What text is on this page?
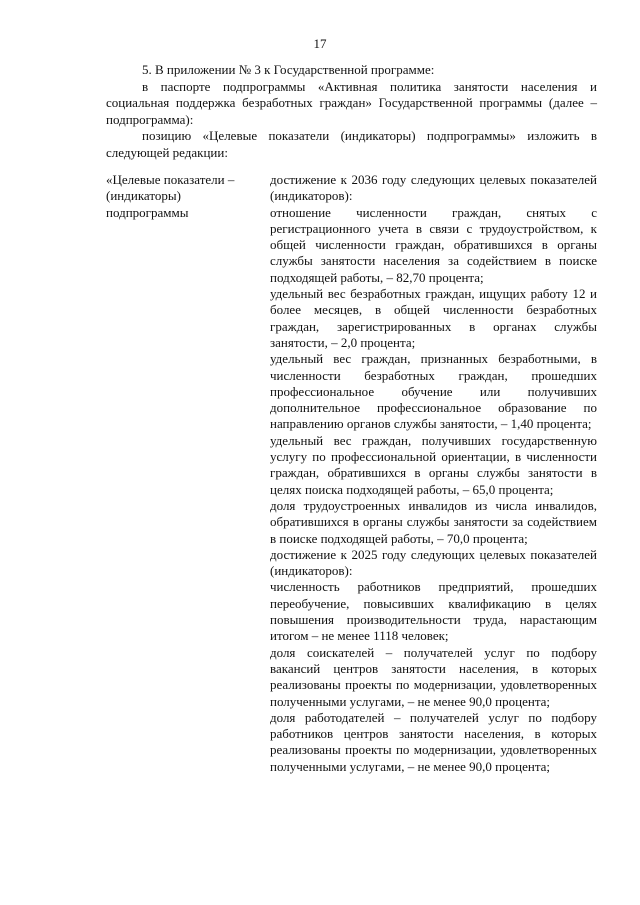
17

5. В приложении № 3 к Государственной программе:

в паспорте подпрограммы «Активная политика занятости населения и социальная поддержка безработных граждан» Государственной программы (далее – подпрограмма):

позицию «Целевые показатели (индикаторы) подпрограммы» изложить в следующей редакции:

«Целевые показатели – (индикаторы) подпрограммы

достижение к 2036 году следующих целевых показателей (индикаторов):

отношение численности граждан, снятых с регистрационного учета в связи с трудоустройством, к общей численности граждан, обратившихся в органы службы занятости населения за содействием в поиске подходящей работы, – 82,70 процента;

удельный вес безработных граждан, ищущих работу 12 и более месяцев, в общей численности безработных граждан, зарегистрированных в органах службы занятости, – 2,0 процента;

удельный вес граждан, признанных безработными, в численности безработных граждан, прошедших профессиональное обучение или получивших дополнительное профессиональное образование по направлению органов службы занятости, – 1,40 процента;

удельный вес граждан, получивших государственную услугу по профессиональной ориентации, в численности граждан, обратившихся в органы службы занятости в целях поиска подходящей работы, – 65,0 процента;

доля трудоустроенных инвалидов из числа инвалидов, обратившихся в органы службы занятости за содействием в поиске подходящей работы, – 70,0 процента;

достижение к 2025 году следующих целевых показателей (индикаторов):

численность работников предприятий, прошедших переобучение, повысивших квалификацию в целях повышения производительности труда, нарастающим итогом – не менее 1118 человек;

доля соискателей – получателей услуг по подбору вакансий центров занятости населения, в которых реализованы проекты по модернизации, удовлетворенных полученными услугами, – не менее 90,0 процента;

доля работодателей – получателей услуг по подбору работников центров занятости населения, в которых реализованы проекты по модернизации, удовлетворенных полученными услугами, – не менее 90,0 процента;
